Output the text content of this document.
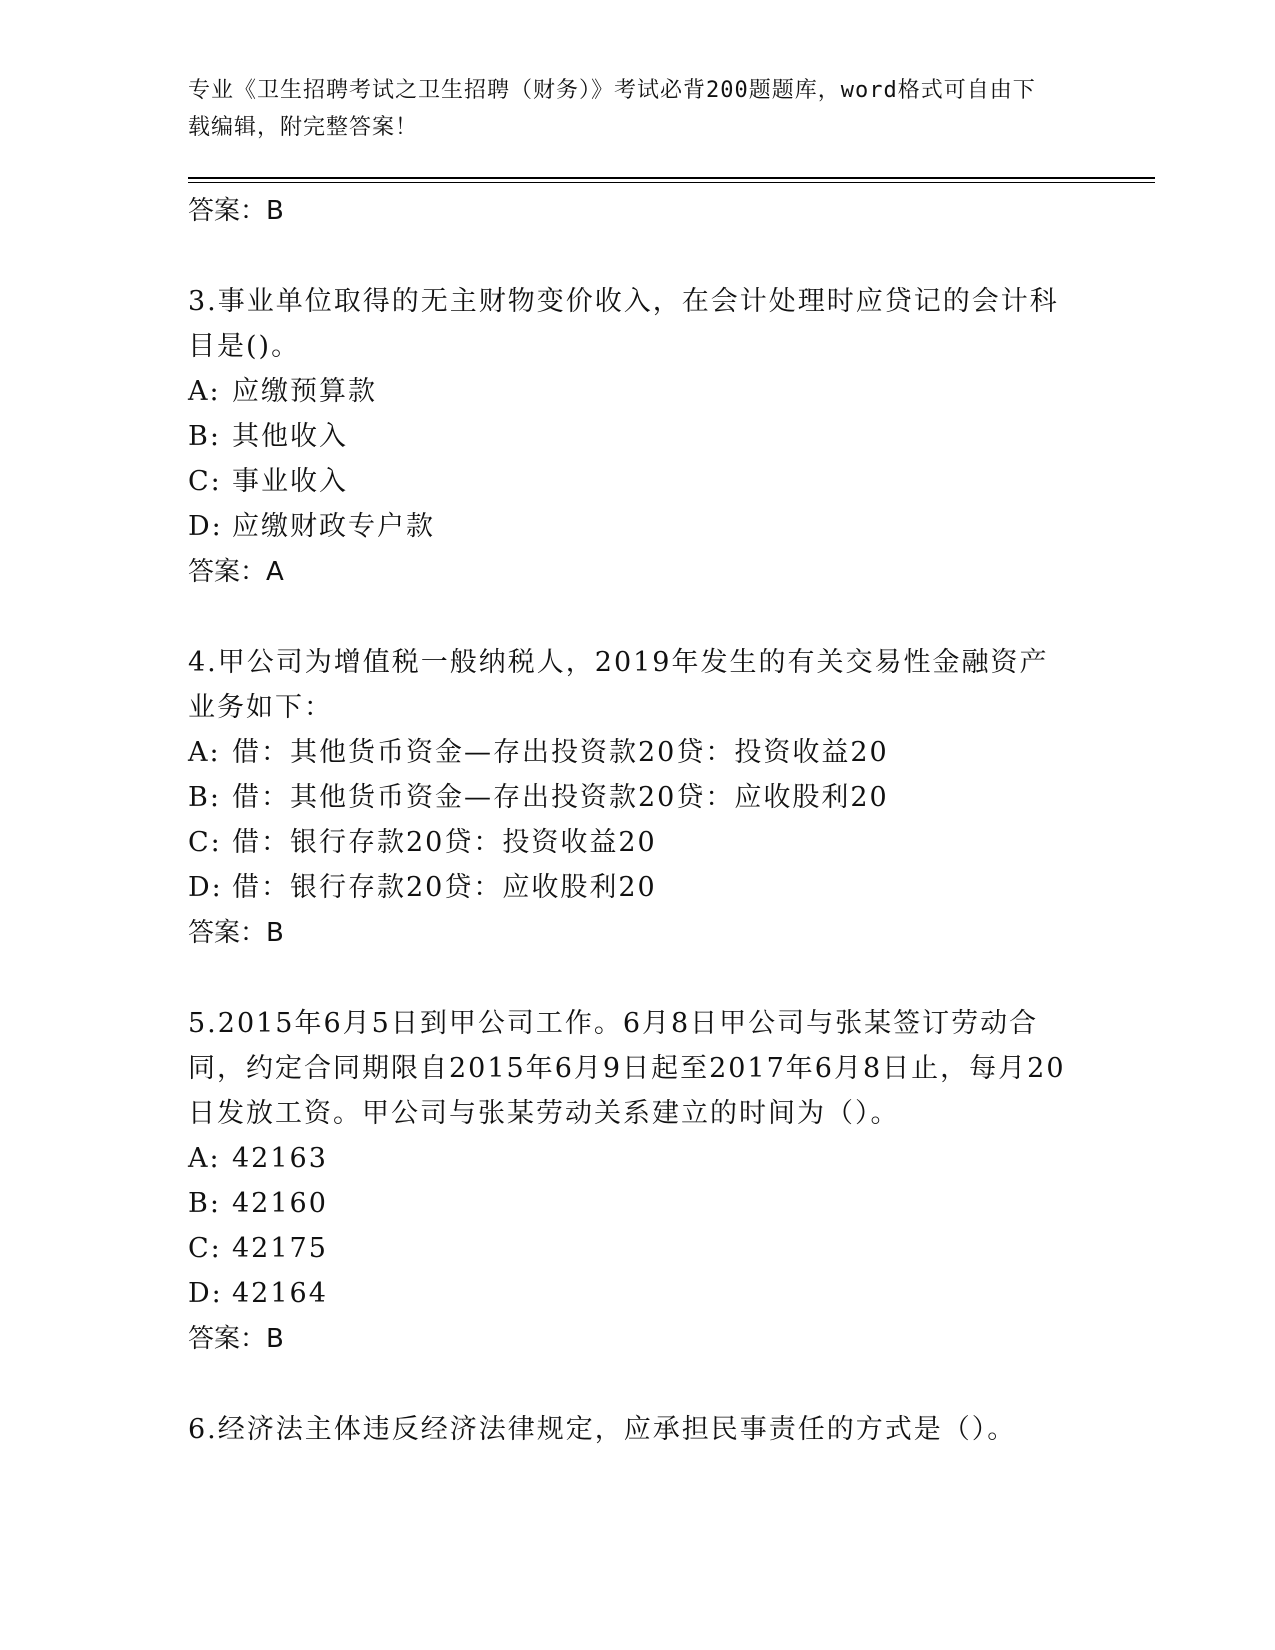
专业《卫生招聘考试之卫生招聘（财务）》考试必背200题题库，word格式可自由下载编辑，附完整答案！
答案：B
3.事业单位取得的无主财物变价收入，在会计处理时应贷记的会计科目是()。
A: 应缴预算款
B: 其他收入
C: 事业收入
D: 应缴财政专户款
答案：A
4.甲公司为增值税一般纳税人，2019年发生的有关交易性金融资产业务如下：
A: 借：其他货币资金—存出投资款20贷：投资收益20
B: 借：其他货币资金—存出投资款20贷：应收股利20
C: 借：银行存款20贷：投资收益20
D: 借：银行存款20贷：应收股利20
答案：B
5.2015年6月5日到甲公司工作。6月8日甲公司与张某签订劳动合同，约定合同期限自2015年6月9日起至2017年6月8日止，每月20日发放工资。甲公司与张某劳动关系建立的时间为（）。
A: 42163
B: 42160
C: 42175
D: 42164
答案：B
6.经济法主体违反经济法律规定，应承担民事责任的方式是（）。
